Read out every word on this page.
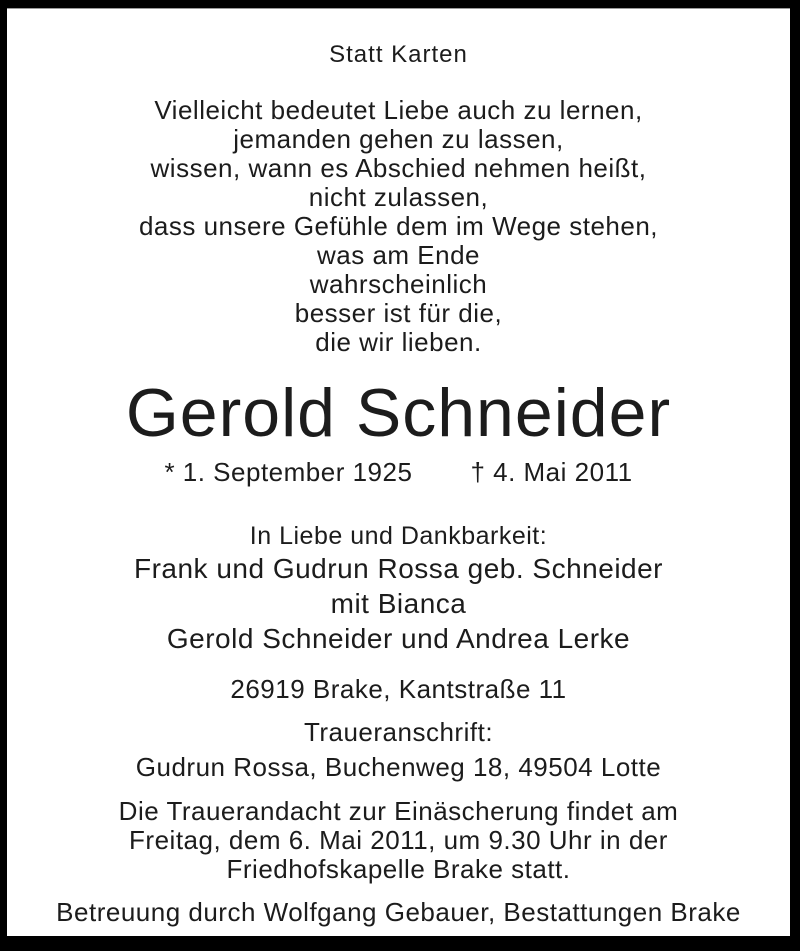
Statt Karten
Vielleicht bedeutet Liebe auch zu lernen,
jemanden gehen zu lassen,
wissen, wann es Abschied nehmen heißt,
nicht zulassen,
dass unsere Gefühle dem im Wege stehen,
was am Ende
wahrscheinlich
besser ist für die,
die wir lieben.
Gerold Schneider
* 1. September 1925 † 4. Mai 2011
In Liebe und Dankbarkeit:
Frank und Gudrun Rossa geb. Schneider
mit Bianca
Gerold Schneider und Andrea Lerke
26919 Brake, Kantstraße 11
Traueranschrift:
Gudrun Rossa, Buchenweg 18, 49504 Lotte
Die Trauerandacht zur Einäscherung findet am
Freitag, dem 6. Mai 2011, um 9.30 Uhr in der
Friedhofskapelle Brake statt.
Betreuung durch Wolfgang Gebauer, Bestattungen Brake
